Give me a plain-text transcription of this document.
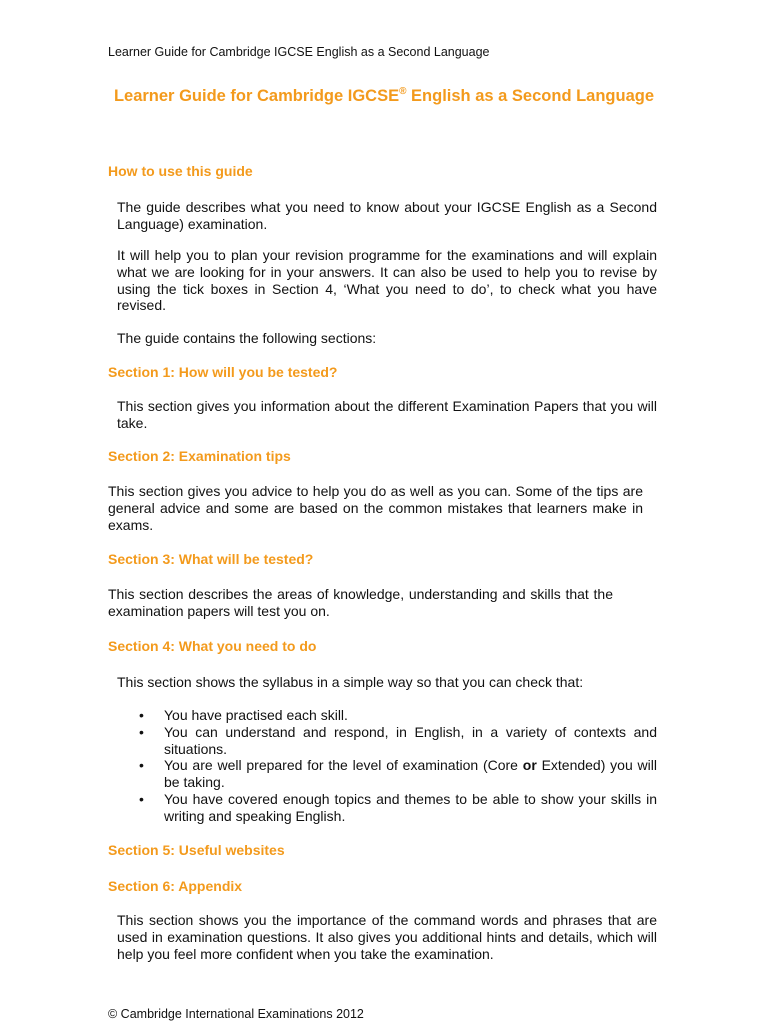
Learner Guide for Cambridge IGCSE English as a Second Language
Learner Guide for Cambridge IGCSE® English as a Second Language
How to use this guide
The guide describes what you need to know about your IGCSE English as a Second Language) examination.
It will help you to plan your revision programme for the examinations and will explain what we are looking for in your answers. It can also be used to help you to revise by using the tick boxes in Section 4, ‘What you need to do’, to check what you have revised.
The guide contains the following sections:
Section 1: How will you be tested?
This section gives you information about the different Examination Papers that you will take.
Section 2: Examination tips
This section gives you advice to help you do as well as you can. Some of the tips are general advice and some are based on the common mistakes that learners make in exams.
Section 3: What will be tested?
This section describes the areas of knowledge, understanding and skills that the examination papers will test you on.
Section 4: What you need to do
This section shows the syllabus in a simple way so that you can check that:
• You have practised each skill.
• You can understand and respond, in English, in a variety of contexts and situations.
• You are well prepared for the level of examination (Core or Extended) you will be taking.
• You have covered enough topics and themes to be able to show your skills in writing and speaking English.
Section 5: Useful websites
Section 6: Appendix
This section shows you the importance of the command words and phrases that are used in examination questions. It also gives you additional hints and details, which will help you feel more confident when you take the examination.
© Cambridge International Examinations 2012
